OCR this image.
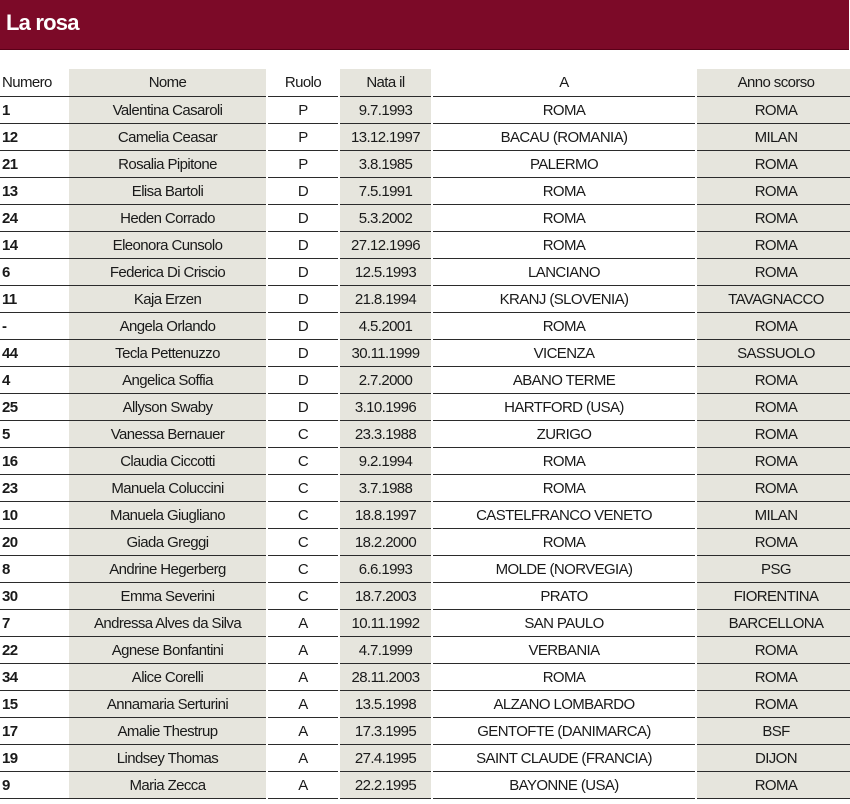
La rosa
Numero	Nome		Ruolo		Nata il		A		Anno scorso
1	Valentina Casaroli		P		9.7.1993		ROMA		ROMA
12	Camelia Ceasar		P		13.12.1997		BACAU (ROMANIA)		MILAN
21	Rosalia Pipitone		P		3.8.1985		PALERMO		ROMA
13	Elisa Bartoli		D		7.5.1991		ROMA		ROMA
24	Heden Corrado		D		5.3.2002		ROMA		ROMA
14	Eleonora Cunsolo		D		27.12.1996		ROMA		ROMA
6	Federica Di Criscio		D		12.5.1993		LANCIANO		ROMA
11	Kaja Erzen		D		21.8.1994		KRANJ (SLOVENIA)		TAVAGNACCO
-	Angela Orlando		D		4.5.2001		ROMA		ROMA
44	Tecla Pettenuzzo		D		30.11.1999		VICENZA		SASSUOLO
4	Angelica Soffia		D		2.7.2000		ABANO TERME		ROMA
25	Allyson Swaby		D		3.10.1996		HARTFORD (USA)		ROMA
5	Vanessa Bernauer		C		23.3.1988		ZURIGO		ROMA
16	Claudia Ciccotti		C		9.2.1994		ROMA		ROMA
23	Manuela Coluccini		C		3.7.1988		ROMA		ROMA
10	Manuela Giugliano		C		18.8.1997		CASTELFRANCO VENETO		MILAN
20	Giada Greggi		C		18.2.2000		ROMA		ROMA
8	Andrine Hegerberg		C		6.6.1993		MOLDE (NORVEGIA)		PSG
30	Emma Severini		C		18.7.2003		PRATO		FIORENTINA
7	Andressa Alves da Silva		A		10.11.1992		SAN PAULO		BARCELLONA
22	Agnese Bonfantini		A		4.7.1999		VERBANIA		ROMA
34	Alice Corelli		A		28.11.2003		ROMA		ROMA
15	Annamaria Serturini		A		13.5.1998		ALZANO LOMBARDO		ROMA
17	Amalie Thestrup		A		17.3.1995		GENTOFTE (DANIMARCA)		BSF
19	Lindsey Thomas		A		27.4.1995		SAINT CLAUDE (FRANCIA)		DIJON
9	Maria Zecca		A		22.2.1995		BAYONNE (USA)		ROMA
